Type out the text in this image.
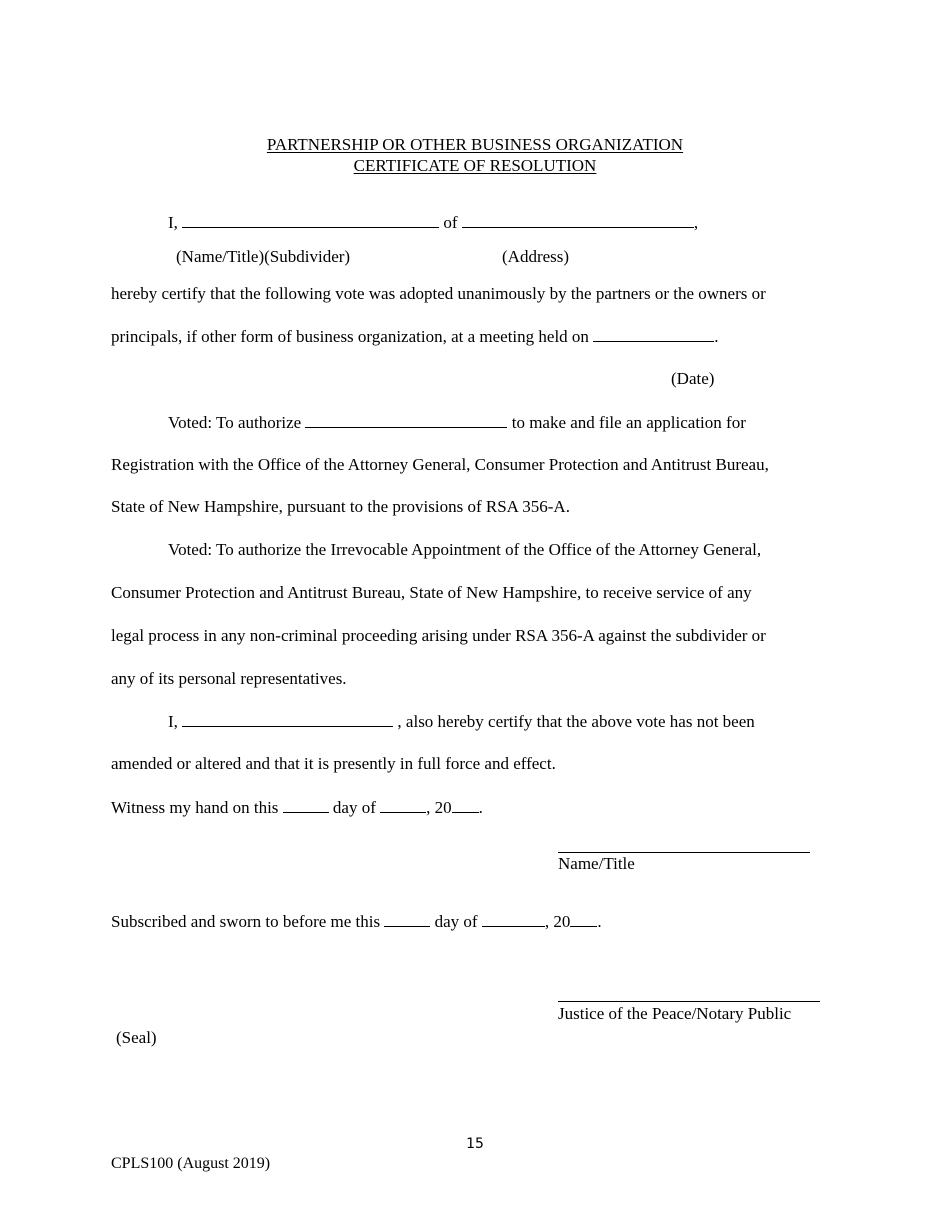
PARTNERSHIP OR OTHER BUSINESS ORGANIZATION
CERTIFICATE OF RESOLUTION
I,	of	,
(Name/Title)(Subdivider)	(Address)
hereby certify that the following vote was adopted unanimously by the partners or the owners or
principals, if other form of business organization, at a meeting held on	.
(Date)
Voted: To authorize	to make and file an application for
Registration with the Office of the Attorney General, Consumer Protection and Antitrust Bureau,
State of New Hampshire, pursuant to the provisions of RSA 356-A.
Voted: To authorize the Irrevocable Appointment of the Office of the Attorney General,
Consumer Protection and Antitrust Bureau, State of New Hampshire, to receive service of any
legal process in any non-criminal proceeding arising under RSA 356-A against the subdivider or
any of its personal representatives.
I,	, also hereby certify that the above vote has not been
amended or altered and that it is presently in full force and effect.
Witness my hand on this	day of	, 20 .
Name/Title
Subscribed and sworn to before me this	day of	, 20 .
Justice of the Peace/Notary Public
(Seal)
15
CPLS100 (August 2019)
